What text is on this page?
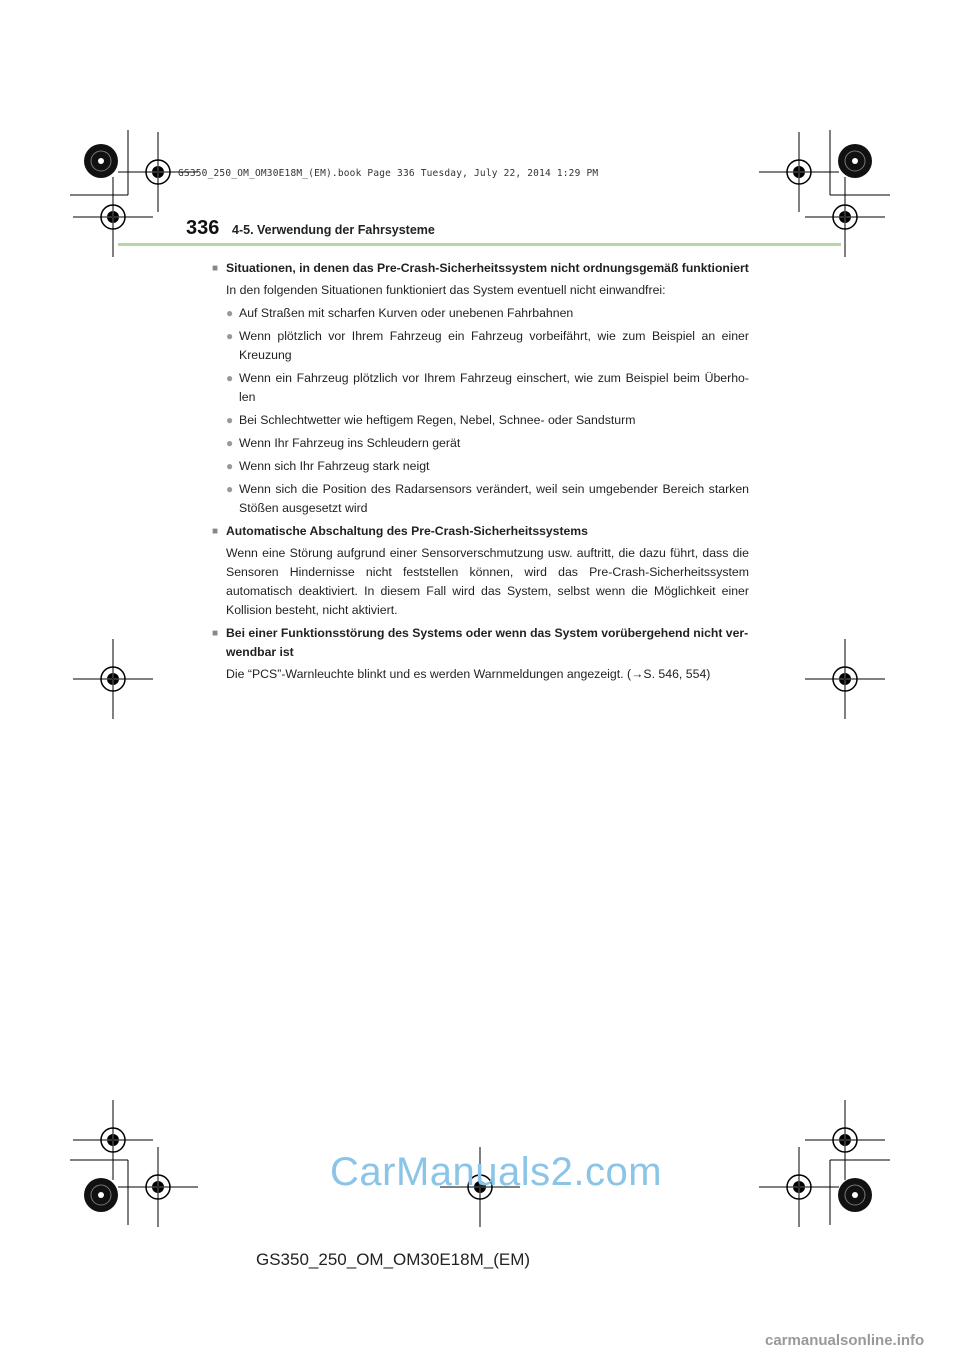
GS350_250_OM_OM30E18M_(EM).book Page 336 Tuesday, July 22, 2014 1:29 PM
336 4-5. Verwendung der Fahrsysteme
■ Situationen, in denen das Pre-Crash-Sicherheitssystem nicht ordnungsgemäß funktioniert
In den folgenden Situationen funktioniert das System eventuell nicht einwandfrei:
● Auf Straßen mit scharfen Kurven oder unebenen Fahrbahnen
● Wenn plötzlich vor Ihrem Fahrzeug ein Fahrzeug vorbeifährt, wie zum Beispiel an einer Kreuzung
● Wenn ein Fahrzeug plötzlich vor Ihrem Fahrzeug einschert, wie zum Beispiel beim Überho-len
● Bei Schlechtwetter wie heftigem Regen, Nebel, Schnee- oder Sandsturm
● Wenn Ihr Fahrzeug ins Schleudern gerät
● Wenn sich Ihr Fahrzeug stark neigt
● Wenn sich die Position des Radarsensors verändert, weil sein umgebender Bereich starken Stößen ausgesetzt wird
■ Automatische Abschaltung des Pre-Crash-Sicherheitssystems
Wenn eine Störung aufgrund einer Sensorverschmutzung usw. auftritt, die dazu führt, dass die Sensoren Hindernisse nicht feststellen können, wird das Pre-Crash-Sicherheitssystem automatisch deaktiviert. In diesem Fall wird das System, selbst wenn die Möglichkeit einer Kollision besteht, nicht aktiviert.
■ Bei einer Funktionsstörung des Systems oder wenn das System vorübergehend nicht ver-wendbar ist
Die “PCS”-Warnleuchte blinkt und es werden Warnmeldungen angezeigt. (→S. 546, 554)
CarManuals2.com
GS350_250_OM_OM30E18M_(EM)
carmanualsonline.info
